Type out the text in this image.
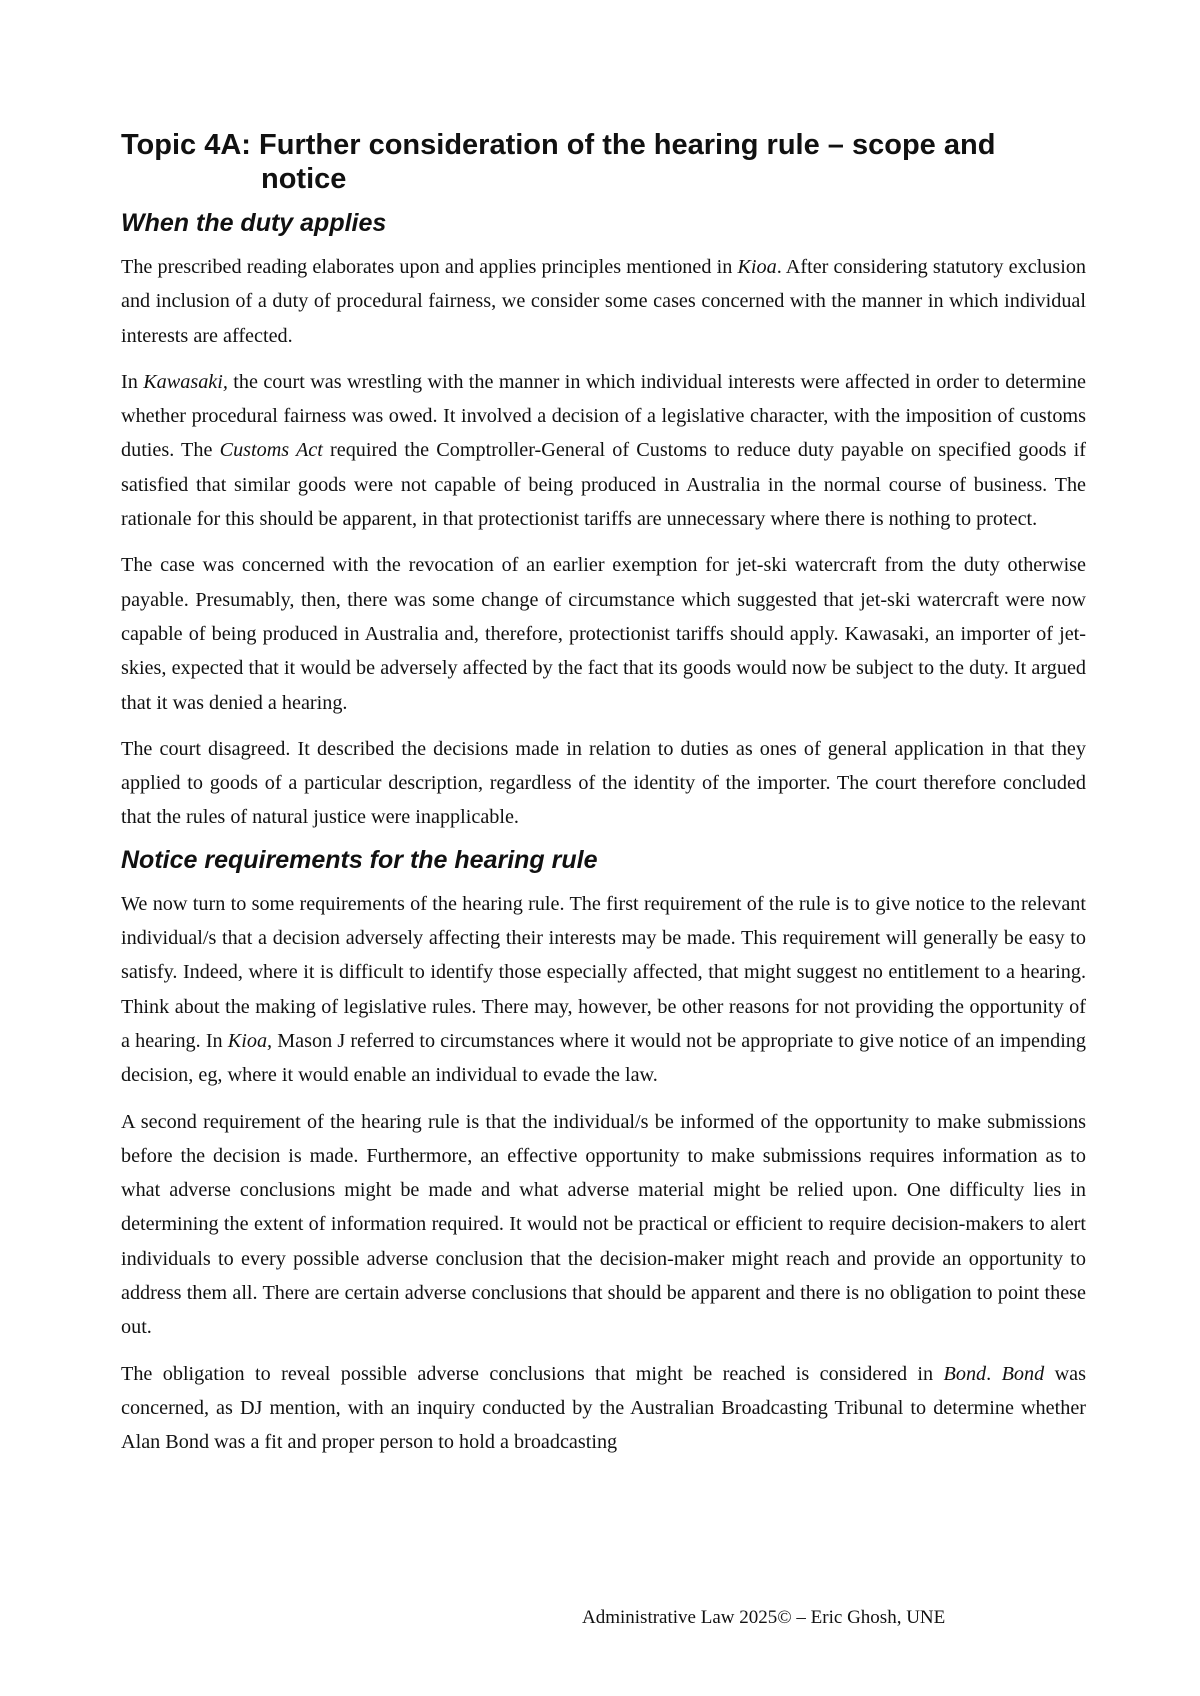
Topic 4A: Further consideration of the hearing rule – scope and notice
When the duty applies

The prescribed reading elaborates upon and applies principles mentioned in Kioa. After considering statutory exclusion and inclusion of a duty of procedural fairness, we consider some cases concerned with the manner in which individual interests are affected.

In Kawasaki, the court was wrestling with the manner in which individual interests were affected in order to determine whether procedural fairness was owed. It involved a decision of a legislative character, with the imposition of customs duties. The Customs Act required the Comptroller-General of Customs to reduce duty payable on specified goods if satisfied that similar goods were not capable of being produced in Australia in the normal course of business. The rationale for this should be apparent, in that protectionist tariffs are unnecessary where there is nothing to protect.

The case was concerned with the revocation of an earlier exemption for jet-ski watercraft from the duty otherwise payable. Presumably, then, there was some change of circumstance which suggested that jet-ski watercraft were now capable of being produced in Australia and, therefore, protectionist tariffs should apply. Kawasaki, an importer of jet-skies, expected that it would be adversely affected by the fact that its goods would now be subject to the duty. It argued that it was denied a hearing.

The court disagreed. It described the decisions made in relation to duties as ones of general application in that they applied to goods of a particular description, regardless of the identity of the importer. The court therefore concluded that the rules of natural justice were inapplicable.

Notice requirements for the hearing rule

We now turn to some requirements of the hearing rule. The first requirement of the rule is to give notice to the relevant individual/s that a decision adversely affecting their interests may be made. This requirement will generally be easy to satisfy. Indeed, where it is difficult to identify those especially affected, that might suggest no entitlement to a hearing. Think about the making of legislative rules. There may, however, be other reasons for not providing the opportunity of a hearing. In Kioa, Mason J referred to circumstances where it would not be appropriate to give notice of an impending decision, eg, where it would enable an individual to evade the law.

A second requirement of the hearing rule is that the individual/s be informed of the opportunity to make submissions before the decision is made. Furthermore, an effective opportunity to make submissions requires information as to what adverse conclusions might be made and what adverse material might be relied upon. One difficulty lies in determining the extent of information required. It would not be practical or efficient to require decision-makers to alert individuals to every possible adverse conclusion that the decision-maker might reach and provide an opportunity to address them all. There are certain adverse conclusions that should be apparent and there is no obligation to point these out.

The obligation to reveal possible adverse conclusions that might be reached is considered in Bond. Bond was concerned, as DJ mention, with an inquiry conducted by the Australian Broadcasting Tribunal to determine whether Alan Bond was a fit and proper person to hold a broadcasting

Administrative Law 2025© – Eric Ghosh, UNE
